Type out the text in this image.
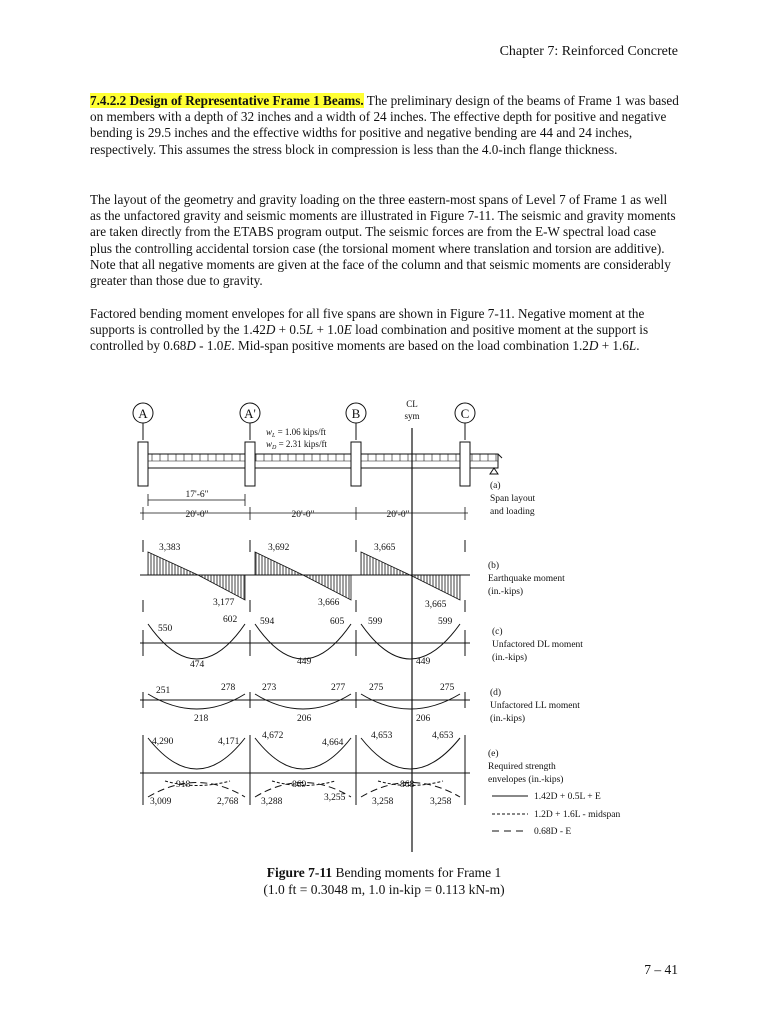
Chapter 7: Reinforced Concrete
7.4.2.2 Design of Representative Frame 1 Beams. The preliminary design of the beams of Frame 1 was based on members with a depth of 32 inches and a width of 24 inches. The effective depth for positive and negative bending is 29.5 inches and the effective widths for positive and negative bending are 44 and 24 inches, respectively. This assumes the stress block in compression is less than the 4.0-inch flange thickness.
The layout of the geometry and gravity loading on the three eastern-most spans of Level 7 of Frame 1 as well as the unfactored gravity and seismic moments are illustrated in Figure 7-11. The seismic and gravity moments are taken directly from the ETABS program output. The seismic forces are from the E-W spectral load case plus the controlling accidental torsion case (the torsional moment where translation and torsion are additive). Note that all negative moments are given at the face of the column and that seismic moments are considerably greater than those due to gravity.
Factored bending moment envelopes for all five spans are shown in Figure 7-11. Negative moment at the supports is controlled by the 1.42D + 0.5L + 1.0E load combination and positive moment at the support is controlled by 0.68D - 1.0E. Mid-span positive moments are based on the load combination 1.2D + 1.6L.
A	A'	B	C
CL
sym
$w_L = 1.06$ kips/ft
$w_D = 2.31$ kips/ft
17'-6"
20'-0"	20'-0"	20'-0"
(a)
Span layout
and loading
3,383	3,692	3,665
3,177	3,666	3,665
(b)
Earthquake moment
(in.-kips)
550
602 594	605	599	599
474	449	449
(c)
Unfactored DL moment
(in.-kips)
251	278	273	277	275	275
218	206	206
(d)
Unfactored LL moment
(in.-kips)
4,290	4,171
4,672
4,664
4,653	4,653
918	869	868
3,009	2,768 3,288	3,255	3,258	3,258
(e)
Required strength
envelopes (in.-kips)
1.42D + 0.5L + E
1.2D + 1.6L - midspan
0.68D - E
Figure 7-11 Bending moments for Frame 1
(1.0 ft = 0.3048 m, 1.0 in-kip = 0.113 kN-m)
7 – 41
